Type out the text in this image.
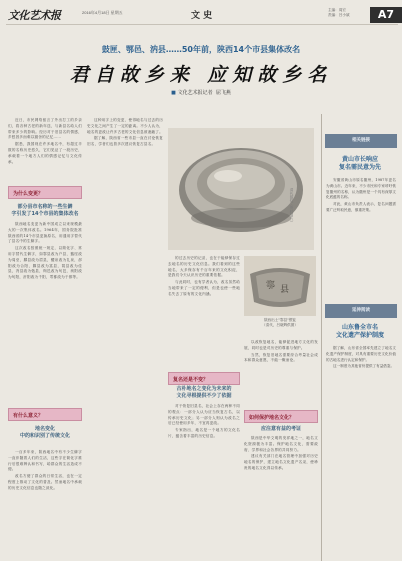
文化艺术报	2016年4月18日 星期五	文 史
主编：周宏
责编：吕小斌	A7
鼓匣、鄂邑、汭县……50年前，陕西14个市县集体改名
君自故乡来 应知故乡名
■ 文化艺术报记者 屈飞燕

近日，市民网络留言了外出打工的乡亲们，将各种古老的新年送，与新县名给人们带来多少的影响。经历对于旧县名的情感，乡愁因多而难以割舍的记忆……

据悉，我国现在许多地名中，有超过半数的名称历史悠久，它们见证了一段历史，承载着一个地方人们的情感记忆与文化传承。

为什么变更？
部分县市名称的一些生僻
字引发了14个市县的集体改名

陕西地名变更为新中国成立以来规模最大的一次集体改名。1964年，国务院批准陕西省的14个市县更换原名，用通用字替代了县名中的生僻字。

这次改名按照统一规定，以简化字、常用字替代生僻字，如鄠县改为户县，盩厔改为周至，郿县改为眉县，醴泉改为礼泉，郃阳改为合阳，鄜县改为富县，葭县改为佳县，沔县改为勉县，栒邑改为旬邑，洵阳改为旬阳，汧阳改为千阳，雩都改为于都等。

有什么意义？
地名变化
中的和识别了传统文化

一百多年来，陕西地名中有不少生僻字一直伴随着人们的生活，这些字在简化字推行后很难辨认和书写，给群众的生活造成不便。

改名方便了群众的日常生活，也在一定程度上推动了文化的普及。然而地名中承载的历史文化信息也随之淡化。

这种用字上的变更，使得地名与过去的历史文化之间产生了一定的距离。不少人认为，地名的更改让许多古老的文化信息被遮蔽了。

据了解，陕西省一些市县一直在讨论恢复旧名，学者们也曾多次建议恢复古县名。

清代银锭（资料图片）

的过去历史的记录，也在于能够保存过去地名的历史文化信息。我们看到的这些地名，大多保存有千百年来的文化积淀，是我们今天认识历史的重要依据。

与此同时，也有学者认为，改名虽然给当地带来了一定的便利，但是也使一些地名失去了原有的文化内涵。

复名还是不变？
古朴地名之变化为未来的
文化寻根提供不少了依据

对于恢复旧县名，社会上存在两种不同的观点：一部分人认为应当恢复古名，以传承历史文化；另一部分人则认为改名之后已经使用多年，不宜再更改。

专家指出，地名是一个地方的文化名片，蕴含着丰富的历史信息。

鄠 县
陕西出土"鄠县"银锭
（清代，吕晓辉供图）

以改恢复地名，能够促进地方文化的发展，同时也是对历史的尊重与保护。

当然，恢复旧地名需要综合考量社会成本和群众意愿，不能一概而论。

如何保护地名文化？
应注意有益的考证

陕西是中华文明的发祥地之一，地名文化资源极为丰富。保护地名文化，需要政府、学界和社会各界的共同努力。

建议有关部门在地名管理中加强对历史地名的保护，建立地名文化遗产名录，使珍贵的地名文化得以传承。

相关链接
黄山市长响应
复名需民意为先

安徽省黄山市原名徽州，1987年更名为黄山市。近年来，不少市民和专家呼吁恢复徽州的名称，认为徽州是一个具有深厚文化底蕴的名称。

对此，黄山市负责人表示，复名问题需要广泛听取民意，慎重决策。

延伸阅读
山东鲁全市名
文化遗产保护制度

据了解，山东省全国率先建立了地名文化遗产保护制度，对具有重要历史文化价值的古地名进行认定和保护。

这一制度为其他省份提供了有益借鉴。
